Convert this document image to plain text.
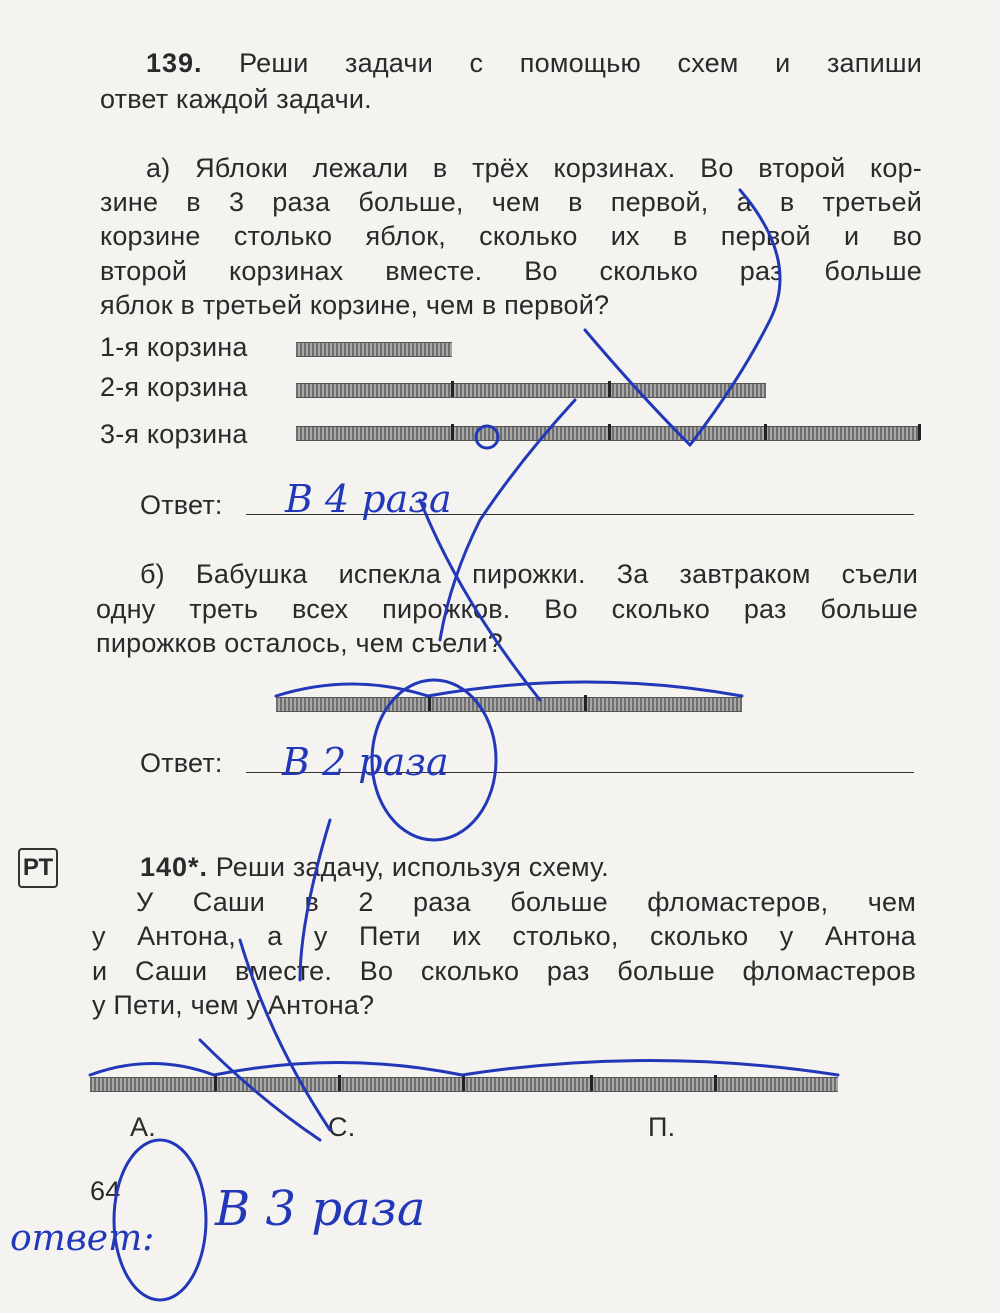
139. Реши задачи с помощью схем и запиши
ответ каждой задачи.
а) Яблоки лежали в трёх корзинах. Во второй кор-
зине в 3 раза больше, чем в первой, а в третьей
корзине столько яблок, сколько их в первой и во
второй корзинах вместе. Во сколько раз больше
яблок в третьей корзине, чем в первой?
1-я корзина
2-я корзина
3-я корзина
Ответ:
б) Бабушка испекла пирожки. За завтраком съели
одну треть всех пирожков. Во сколько раз больше
пирожков осталось, чем съели?
Ответ:
РТ	140*. Реши задачу, используя схему.
У Саши в 2 раза больше фломастеров, чем
у Антона, а у Пети их столько, сколько у Антона
и Саши вместе. Во сколько раз больше фломастеров
у Пети, чем у Антона?
А.	С.	П.
64
В 4 раза
В 2 раза
ответ:
В 3 раза
